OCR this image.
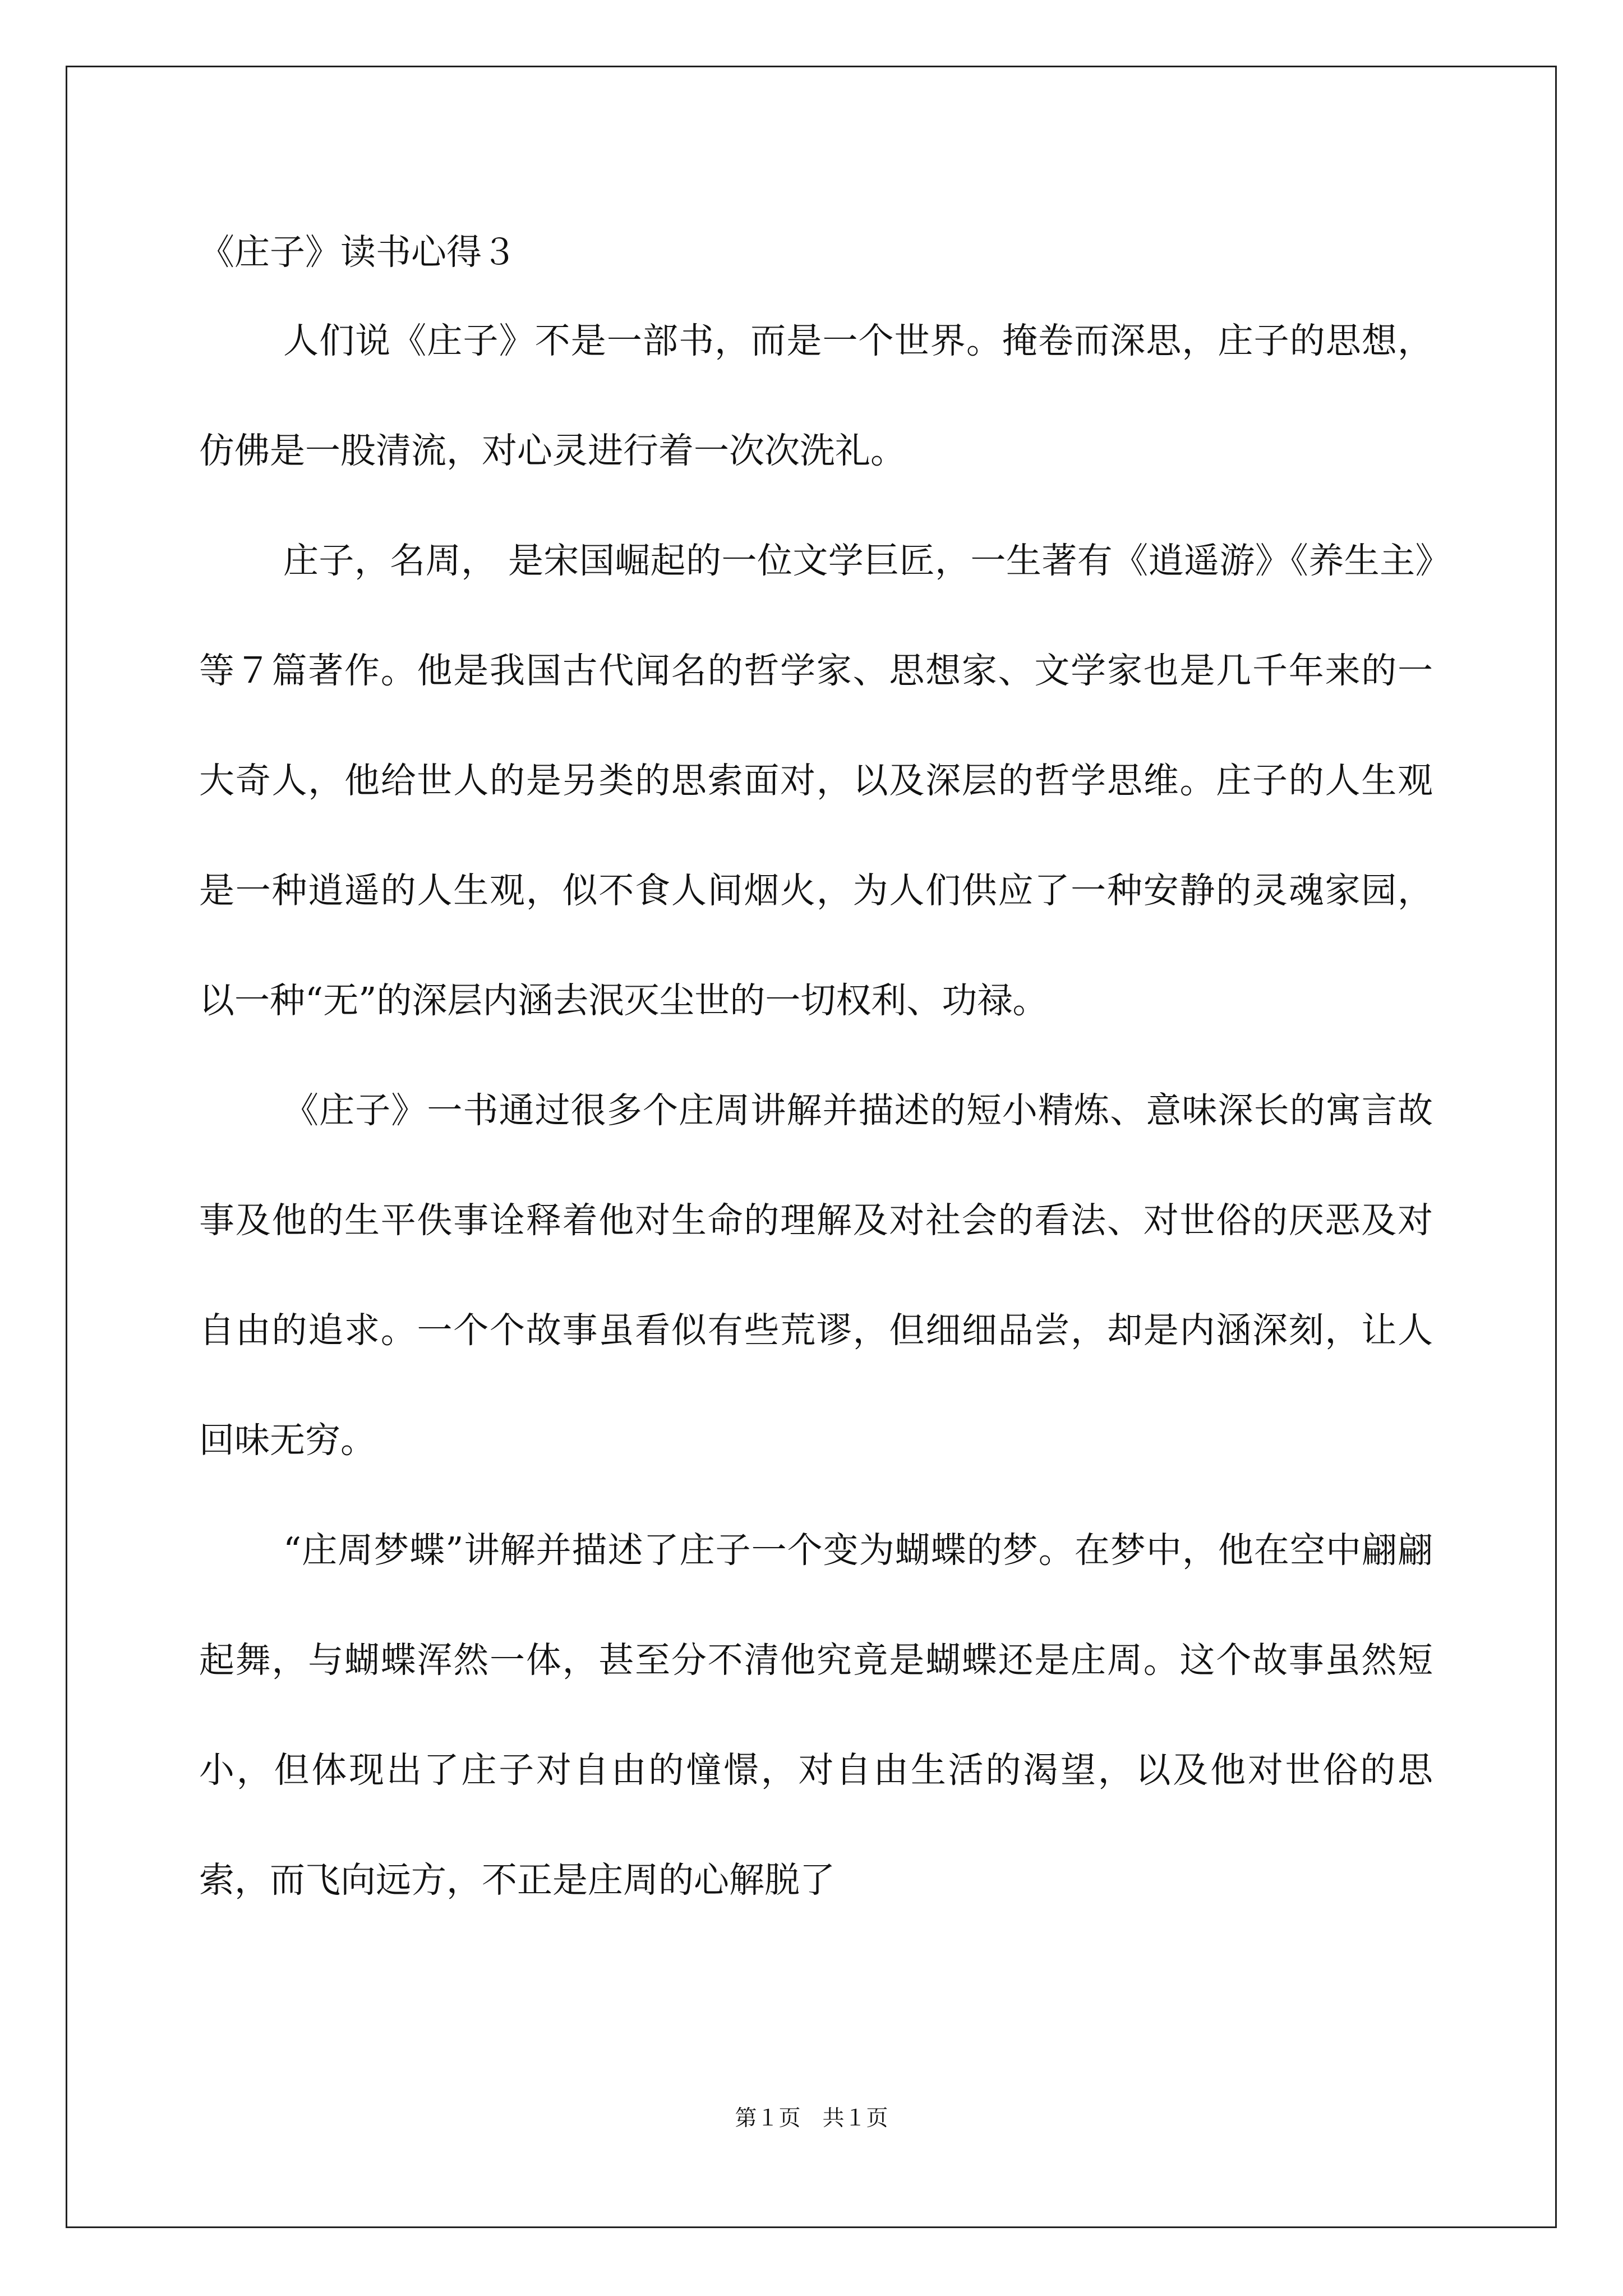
《庄子》读书心得３

人们说《庄子》不是一部书，而是一个世界。掩卷而深思，庄子的思想，仿佛是一股清流，对心灵进行着一次次洗礼。

庄子，名周， 是宋国崛起的一位文学巨匠，一生著有《逍遥游》《养生主》等７篇著作。他是我国古代闻名的哲学家、思想家、文学家也是几千年来的一大奇人，他给世人的是另类的思索面对，以及深层的哲学思维。庄子的人生观是一种逍遥的人生观，似不食人间烟火，为人们供应了一种安静的灵魂家园，以一种“无”的深层内涵去泯灭尘世的一切权利、功禄。

《庄子》一书通过很多个庄周讲解并描述的短小精炼、意味深长的寓言故事及他的生平佚事诠释着他对生命的理解及对社会的看法、对世俗的厌恶及对自由的追求。一个个故事虽看似有些荒谬，但细细品尝，却是内涵深刻，让人回味无穷。

“庄周梦蝶”讲解并描述了庄子一个变为蝴蝶的梦。在梦中，他在空中翩翩起舞，与蝴蝶浑然一体，甚至分不清他究竟是蝴蝶还是庄周。这个故事虽然短小，但体现出了庄子对自由的憧憬，对自由生活的渴望，以及他对世俗的思索，而飞向远方，不正是庄周的心解脱了

第１页　共１页
